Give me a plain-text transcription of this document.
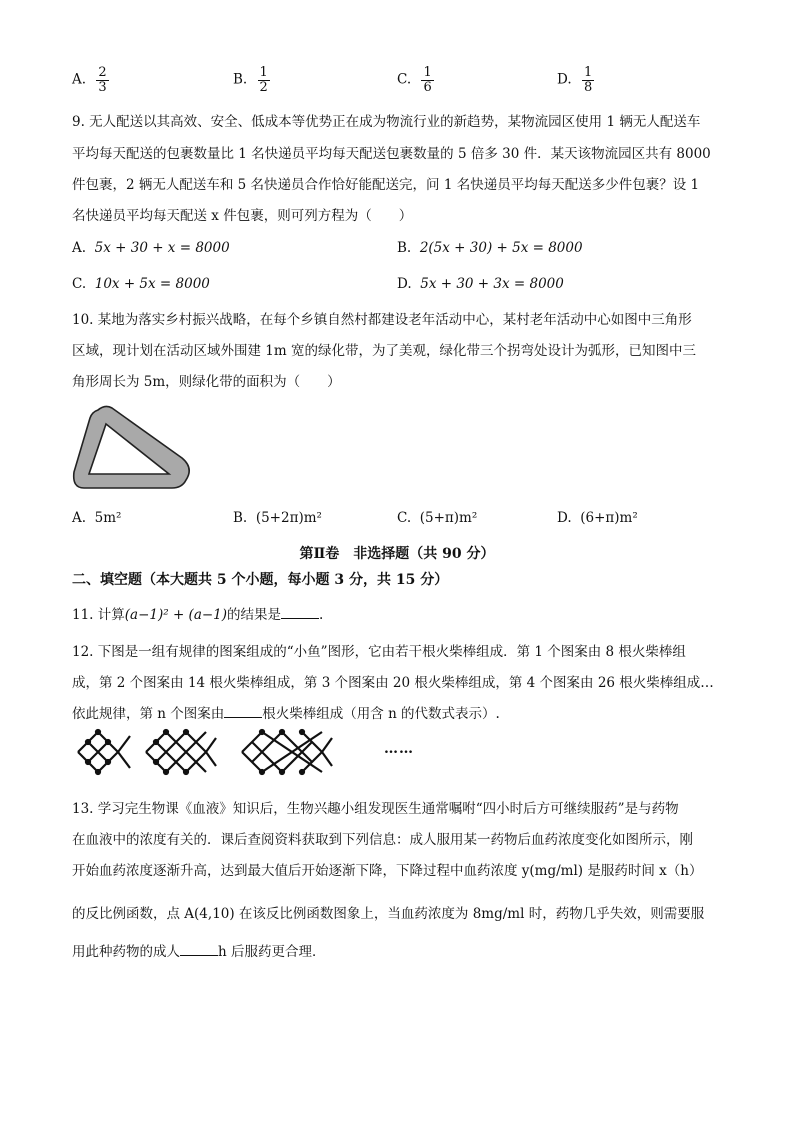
A. $\frac{2}{3}$	B. $\frac{1}{2}$	C. $\frac{1}{6}$	D. $\frac{1}{8}$
9. 无人配送以其高效、安全、低成本等优势正在成为物流行业的新趋势，某物流园区使用 1 辆无人配送车
平均每天配送的包裹数量比 1 名快递员平均每天配送包裹数量的 5 倍多 30 件．某天该物流园区共有 8000
件包裹，2 辆无人配送车和 5 名快递员合作恰好能配送完，问 1 名快递员平均每天配送多少件包裹？设 1
名快递员平均每天配送 x 件包裹，则可列方程为（　　）
A. 5x + 30 + x = 8000	B. 2(5x + 30) + 5x = 8000
C. 10x + 5x = 8000	D. 5x + 30 + 3x = 8000
10. 某地为落实乡村振兴战略，在每个乡镇自然村都建设老年活动中心，某村老年活动中心如图中三角形
区域，现计划在活动区域外围建 1m 宽的绿化带，为了美观，绿化带三个拐弯处设计为弧形，已知图中三
角形周长为 5m，则绿化带的面积为（　　）
A. 5m²	B. (5+2π)m²	C. (5+π)m²	D. (6+π)m²
第Ⅱ卷　非选择题（共 90 分）
二、填空题（本大题共 5 个小题，每小题 3 分，共 15 分）
11. 计算(a−1)² + (a−1)的结果是	.
12. 下图是一组有规律的图案组成的“小鱼”图形，它由若干根火柴棒组成．第 1 个图案由 8 根火柴棒组
成，第 2 个图案由 14 根火柴棒组成，第 3 个图案由 20 根火柴棒组成，第 4 个图案由 26 根火柴棒组成…
依此规律，第 n 个图案由	根火柴棒组成（用含 n 的代数式表示）.
……
13. 学习完生物课《血液》知识后，生物兴趣小组发现医生通常嘱咐“四小时后方可继续服药”是与药物
在血液中的浓度有关的．课后查阅资料获取到下列信息：成人服用某一药物后血药浓度变化如图所示，刚
开始血药浓度逐渐升高，达到最大值后开始逐渐下降，下降过程中血药浓度 y(mg/ml) 是服药时间 x（h）
的反比例函数，点 A(4,10) 在该反比例函数图象上，当血药浓度为 8mg/ml 时，药物几乎失效，则需要服
用此种药物的成人	h 后服药更合理．
